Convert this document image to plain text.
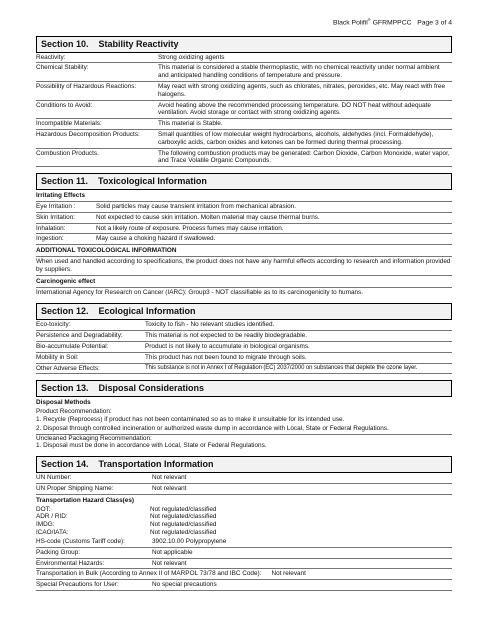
Black Polifil® GFRMPPCC Page 3 of 4
Section 10. Stability Reactivity
Reactivity:	Strong oxidizing agents
Chemical Stability:	This material is considered a stable thermoplastic, with no chemical reactivity under normal ambient and anticipated handling conditions of temperature and pressure.
Possibility of Hazardous Reactions:	May react with strong oxidizing agents, such as chlorates, nitrates, peroxides, etc. May react with free halogens.
Conditions to Avoid:	Avoid heating above the recommended processing temperature. DO NOT heat without adequate ventilation. Avoid storage or contact with strong oxidizing agents.
Incompatible Materials:	This material is Stable.
Hazardous Decomposition Products:	Small quantities of low molecular weight hydrocarbons, alcohols, aldehydes (incl. Formaldehyde), carboxylic acids, carbon oxides and ketones can be formed during thermal processing.
Combustion Products.	The following combustion products may be generated: Carbon Dioxide, Carbon Monoxide, water vapor, and Trace Volatile Organic Compounds.
Section 11. Toxicological Information
Irritating Effects
Eye Irritation :	Solid particles may cause transient irritation from mechanical abrasion.
Skin Irritation:	Not expected to cause skin irritation. Molten material may cause thermal burns.
Inhalation:	Not a likely route of exposure. Process fumes may cause irritation.
Ingestion:	May cause a choking hazard if swallowed.
ADDITIONAL TOXICOLOGICAL INFORMATION
When used and handled according to specifications, the product does not have any harmful effects according to research and information provided by suppliers.
Carcinogenic effect
International Agency for Research on Cancer (IARC): Group3 - NOT classifiable as to its carcinogenicity to humans.
Section 12. Ecological Information
Eco-toxicity:	Toxicity to fish - No relevant studies identified.
Persistence and Degradability:	This material is not expected to be readily biodegradable.
Bio-accumulate Potential:	Product is not likely to accumulate in biological organisms.
Mobility in Soil:	This product has not been found to migrate through soils.
Other Adverse Effects:	This substance is not in Annex I of Regulation (EC) 2037/2000 on substances that deplete the ozone layer.
Section 13. Disposal Considerations
Disposal Methods
Product Recommendation:
1. Recycle (Reprocess) if product has not been contaminated so as to make it unsuitable for its intended use.
2. Disposal through controlled incineration or authorized waste dump in accordance with Local, State or Federal Regulations.
Uncleaned Packaging Recommendation:
1. Disposal must be done in accordance with Local, State or Federal Regulations.
Section 14. Transportation Information
UN Number:	Not relevant
UN Proper Shipping Name:	Not relevant
Transportation Hazard Class(es)
DOT:	Not regulated/classified
ADR / RID:	Not regulated/classified
IMDG:	Not regulated/classified
ICAO/IATA:	Not regulated/classified
HS-code (Customs Tariff code):	3902.10.00 Polypropylene
Packing Group:	Not applicable
Environmental Hazards:	Not relevant
Transportation in Bulk (According to Annex II of MARPOL 73/78 and IBC Code):	Not relevant
Special Precautions for User:	No special precautions
